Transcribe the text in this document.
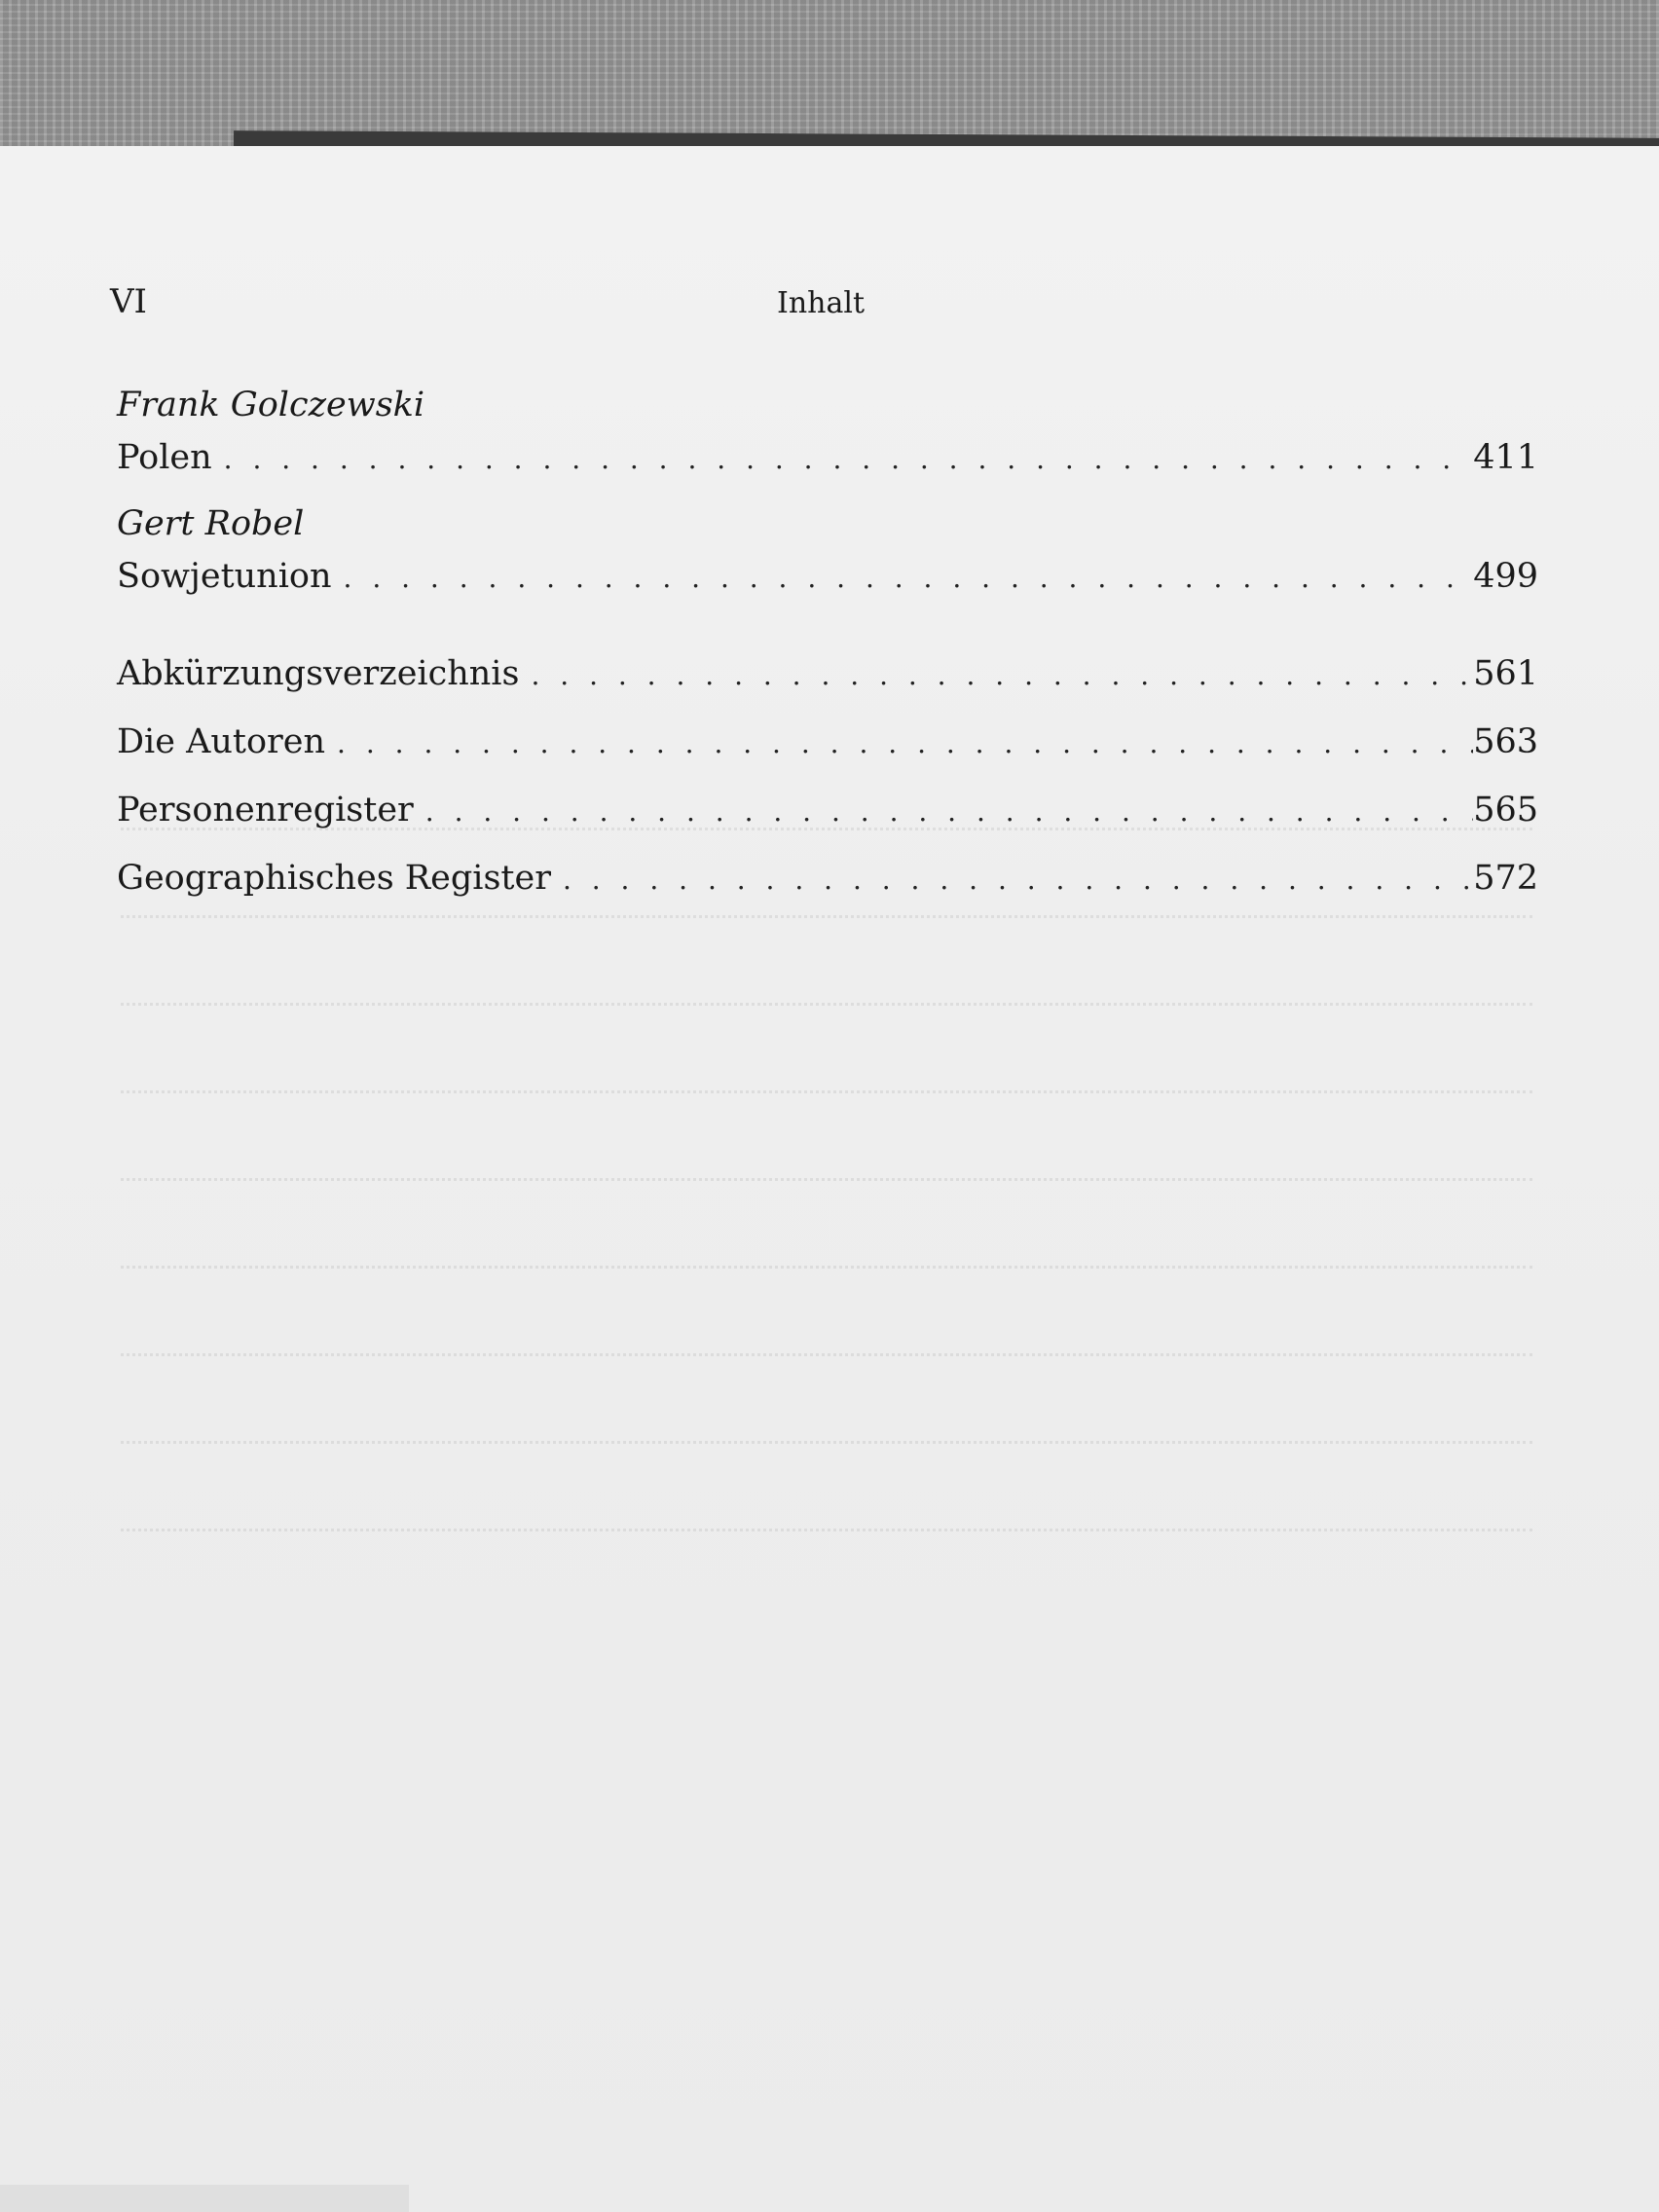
VI	Inhalt
Frank Golczewski
Polen . . .	411
Gert Robel
Sowjetunion . . .	499
Abkürzungsverzeichnis . . .	561
Die Autoren . . .	563
Personenregister . . .	565
Geographisches Register . . .	572
